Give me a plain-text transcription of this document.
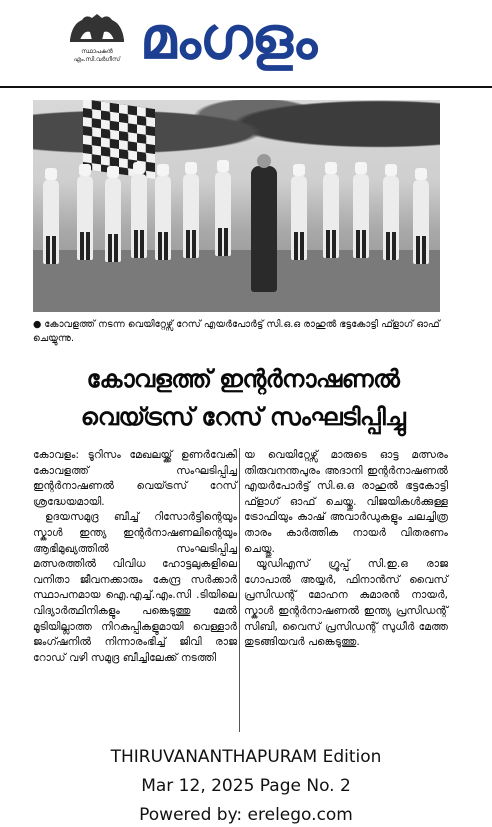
സ്ഥാപകൻ
എം.സി.വർഗീസ് മംഗളം
● കോവളത്ത് നടന്ന വെയിറ്റേഴ്സ് റേസ് എയർപോർട്ട് സി.ഒ.ഒ രാഹുൽ ഭട്ടകോട്ടി ഫ്ളാഗ് ഓഫ് ചെയ്യുന്നു.
കോവളത്ത് ഇന്റർനാഷണൽ
വെയ്ട്രസ് റേസ് സംഘടിപ്പിച്ചു

കോവളം: ടൂറിസം മേഖലയ്ക്ക് ഉണർവേകി കോവളത്ത് സംഘടിപ്പിച്ച ഇന്റർനാഷണൽ വെയ്ട്രസ് റേസ് ശ്രദ്ധേയമായി.

ഉദയസമുദ്ര ബീച്ച് റിസോർട്ടിന്റെയും സ്കാൾ ഇന്ത്യ ഇന്റർനാഷണലിന്റെയും ആഭിമുഖ്യത്തിൽ സംഘടിപ്പിച്ച മത്സരത്തിൽ വിവിധ ഹോട്ടലുകളിലെ വനിതാ ജീവനക്കാരും കേന്ദ്ര സർക്കാർ സ്ഥാപനമായ ഐ.എച്ച്.എം.സി .ടിയിലെ വിദ്യാർത്ഥിനികളും പങ്കെടുത്തു മേൽ മൂടിയില്ലാത്ത നിറകുപ്പികളുമായി വെള്ളാർ ജംഗ്ഷനിൽ നിന്നാരംഭിച്ച് ജിവി രാജ റോഡ് വഴി സമുദ്ര ബീച്ചിലേക്ക് നടത്തി

യ വെയിറ്റേഴ്സ് മാരുടെ ഓട്ട മത്സരം തിരുവനന്തപുരം അദാനി ഇന്റർനാഷണൽ എയർപോർട്ട് സി.ഒ.ഒ രാഹുൽ ഭട്ടകോട്ടി ഫ്ളാഗ് ഓഫ് ചെയ്തു. വിജയികൾക്കുള്ള ട്രോഫിയും കാഷ് അവാർഡുകളും ചലച്ചിത്ര താരം കാർത്തിക നായർ വിതരണം ചെയ്തു.

യൂഡിഎസ് ഗ്രൂപ്പ് സി.ഇ.ഒ രാജ ഗോപാൽ അയ്യർ, ഫിനാൻസ് വൈസ് പ്രസിഡന്റ് മോഹന കുമാരൻ നായർ, സ്കാൾ ഇന്റർനാഷണൽ ഇന്ത്യ പ്രസിഡന്റ് സിബി, വൈസ് പ്രസിഡന്റ് സുധീർ മേത്ത തുടങ്ങിയവർ പങ്കെടുത്തു.

THIRUVANANTHAPURAM Edition
Mar 12, 2025 Page No. 2
Powered by: erelego.com
